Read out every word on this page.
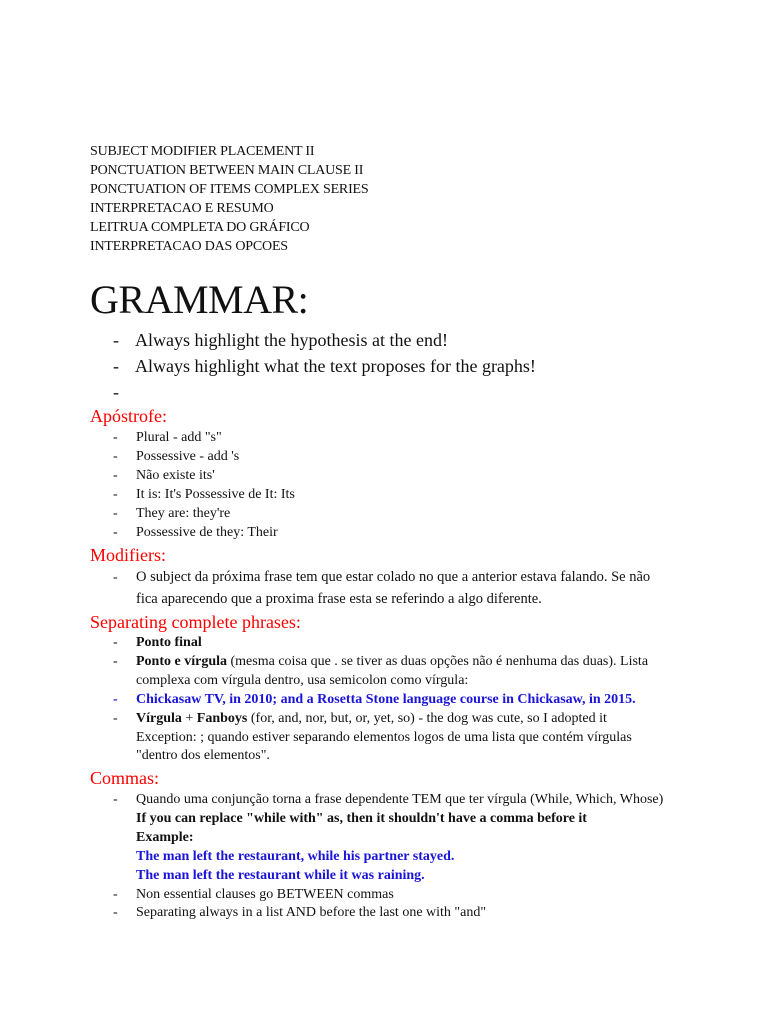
SUBJECT MODIFIER PLACEMENT II
PONCTUATION BETWEEN MAIN CLAUSE II
PONCTUATION OF ITEMS COMPLEX SERIES
INTERPRETACAO E RESUMO
LEITRUA COMPLETA DO GRÁFICO
INTERPRETACAO DAS OPCOES
GRAMMAR:
- Always highlight the hypothesis at the end!
- Always highlight what the text proposes for the graphs!
-
Apóstrofe:
- Plural - add "s"
- Possessive - add 's
- Não existe its'
- It is: It's Possessive de It: Its
- They are: they're
- Possessive de they: Their
Modifiers:
- O subject da próxima frase tem que estar colado no que a anterior estava falando. Se não fica aparecendo que a proxima frase esta se referindo a algo diferente.
Separating complete phrases:
- Ponto final
- Ponto e vírgula (mesma coisa que . se tiver as duas opções não é nenhuma das duas). Lista complexa com vírgula dentro, usa semicolon como vírgula:
- Chickasaw TV, in 2010; and a Rosetta Stone language course in Chickasaw, in 2015.
- Vírgula + Fanboys (for, and, nor, but, or, yet, so) - the dog was cute, so I adopted it
Exception: ; quando estiver separando elementos logos de uma lista que contém vírgulas "dentro dos elementos".
Commas:
- Quando uma conjunção torna a frase dependente TEM que ter vírgula (While, Which, Whose) If you can replace "while with" as, then it shouldn't have a comma before it
Example:
The man left the restaurant, while his partner stayed.
The man left the restaurant while it was raining.
- Non essential clauses go BETWEEN commas
- Separating always in a list AND before the last one with "and"
